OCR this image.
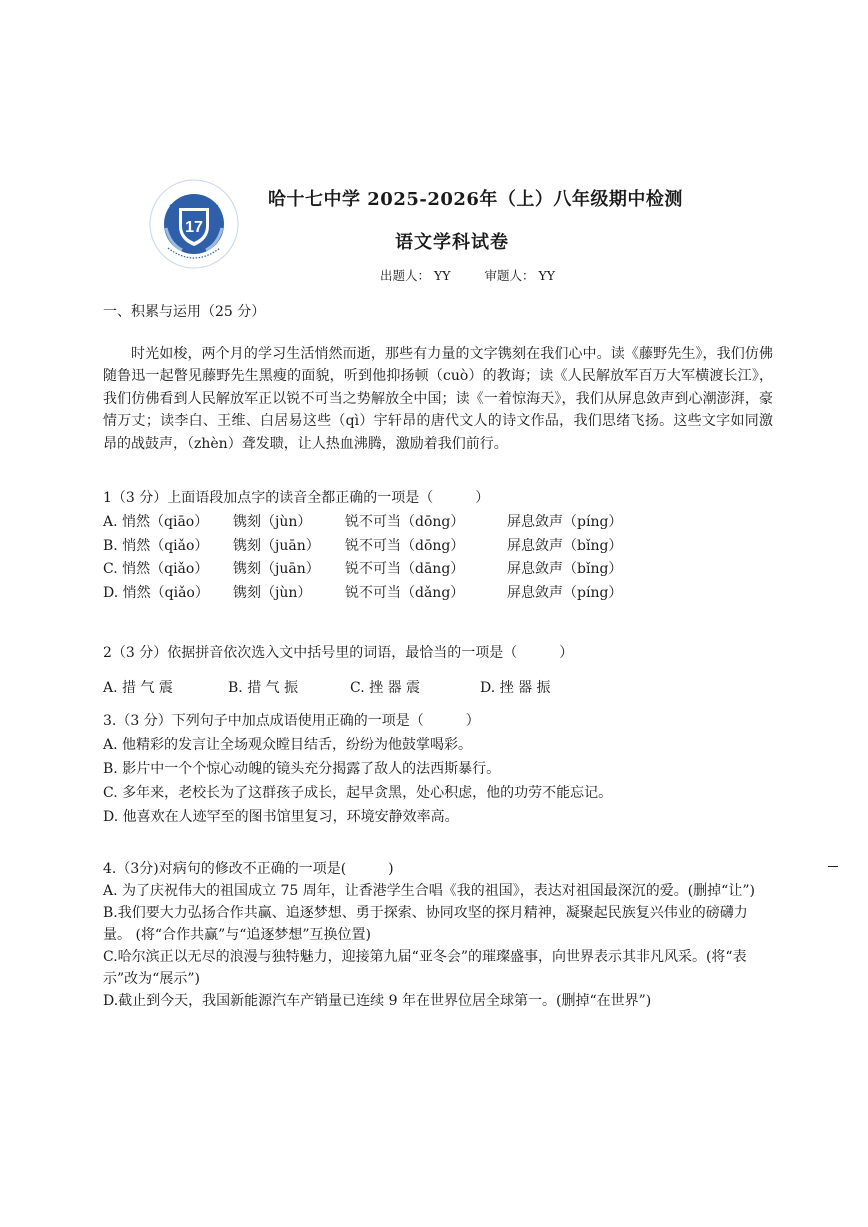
17
哈十七中学 2025-2026年（上）八年级期中检测
语文学科试卷
出题人： YY	审题人： YY
一、积累与运用（25 分）

时光如梭，两个月的学习生活悄然而逝，那些有力量的文字镌刻在我们心中。读《藤野先生》，我们仿佛随鲁迅一起瞥见藤野先生黑瘦的面貌，听到他抑扬顿（cuò）的教诲；读《人民解放军百万大军横渡长江》，我们仿佛看到人民解放军正以锐不可当之势解放全中国；读《一着惊海天》，我们从屏息敛声到心潮澎湃，豪情万丈；读李白、王维、白居易这些（qì）宇轩昂的唐代文人的诗文作品，我们思绪飞扬。这些文字如同激昂的战鼓声，（zhèn）聋发聩，让人热血沸腾，激励着我们前行。

1（3 分）上面语段加点字的读音全都正确的一项是（　　　）
A. 悄然（qiāo） 镌刻（jùn） 锐不可当（dōng）	屏息敛声（píng）
B. 悄然（qiǎo） 镌刻（juān） 锐不可当（dōng）	屏息敛声（bǐng）
C. 悄然（qiǎo） 镌刻（juān） 锐不可当（dāng）	屏息敛声（bǐng）
D. 悄然（qiǎo） 镌刻（jùn） 锐不可当（dǎng）	屏息敛声（píng）
2（3 分）依据拼音依次选入文中括号里的词语，最恰当的一项是（　　　）
A. 措 气 震	B. 措 气 振	C. 挫 器 震	D. 挫 器 振
3.（3 分）下列句子中加点成语使用正确的一项是（　　　）
A. 他精彩的发言让全场观众瞠目结舌，纷纷为他鼓掌喝彩。
B. 影片中一个个惊心动魄的镜头充分揭露了敌人的法西斯暴行。
C. 多年来，老校长为了这群孩子成长，起早贪黑，处心积虑，他的功劳不能忘记。
D. 他喜欢在人迹罕至的图书馆里复习，环境安静效率高。
4.（3分)对病句的修改不正确的一项是(　　　)

A. 为了庆祝伟大的祖国成立 75 周年，让香港学生合唱《我的祖国》，表达对祖国最深沉的爱。(删掉“让”)

B.我们要大力弘扬合作共赢、追逐梦想、勇于探索、协同攻坚的探月精神，凝聚起民族复兴伟业的磅礴力量。 (将“合作共赢”与“追逐梦想”互换位置)

C.哈尔滨正以无尽的浪漫与独特魅力，迎接第九届“亚冬会”的璀璨盛事，向世界表示其非凡风采。(将“表示”改为“展示”)

D.截止到今天，我国新能源汽车产销量已连续 9 年在世界位居全球第一。(删掉“在世界”)
